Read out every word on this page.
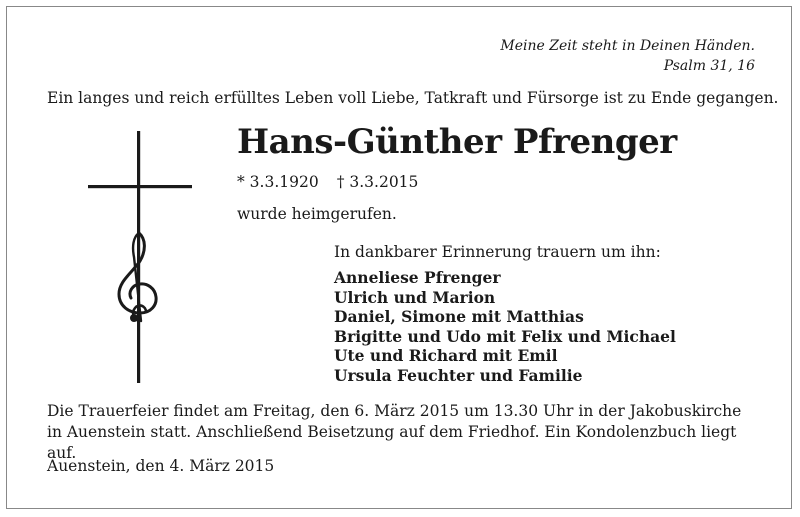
Meine Zeit steht in Deinen Händen.
Psalm 31, 16
Ein langes und reich erfülltes Leben voll Liebe, Tatkraft und Fürsorge ist zu Ende gegangen.
Hans-Günther Pfrenger
* 3.3.1920 † 3.3.2015
wurde heimgerufen.
In dankbarer Erinnerung trauern um ihn:
Anneliese Pfrenger
Ulrich und Marion
Daniel, Simone mit Matthias
Brigitte und Udo mit Felix und Michael
Ute und Richard mit Emil
Ursula Feuchter und Familie
Die Trauerfeier findet am Freitag, den 6. März 2015 um 13.30 Uhr in der Jakobuskirche in Auenstein statt. Anschließend Beisetzung auf dem Friedhof. Ein Kondolenzbuch liegt auf.
Auenstein, den 4. März 2015
